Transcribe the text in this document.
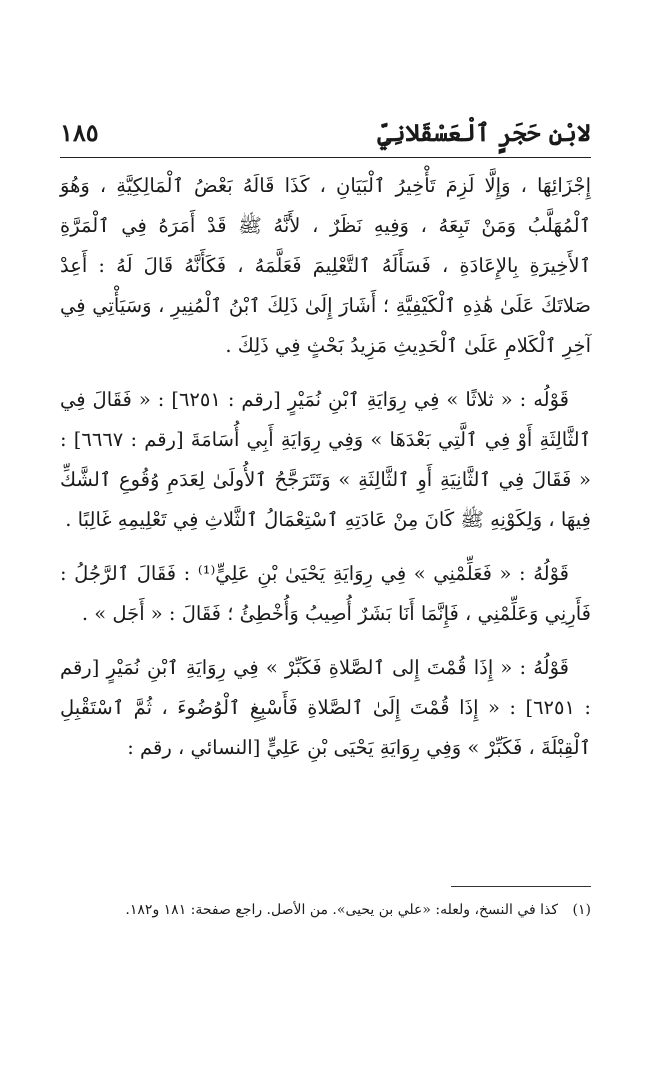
لابْنِ حَجَرٍ ٱلْعَسْقَلانِيِّ
١٨٥

إِجْزَائِهَا ، وَإِلَّا لَزِمَ تَأْخِيرُ ٱلْبَيَانِ ، كَذَا قَالَهُ بَعْضُ ٱلْمَالِكِيَّةِ ، وَهُوَ ٱلْمُهَلَّبُ وَمَنْ تَبِعَهُ ، وَفِيهِ نَظَرٌ ، لأَنَّهُ ﷺ قَدْ أَمَرَهُ فِي ٱلْمَرَّةِ ٱلأَخِيرَةِ بِالإِعَادَةِ ، فَسَأَلَهُ ٱلتَّعْلِيمَ فَعَلَّمَهُ ، فَكَأَنَّهُ قَالَ لَهُ : أَعِدْ صَلاتَكَ عَلَىٰ هَٰذِهِ ٱلْكَيْفِيَّةِ ؛ أَشَارَ إِلَىٰ ذَلِكَ ٱبْنُ ٱلْمُنِيرِ ، وَسَيَأْتِي فِي آخِرِ ٱلْكَلامِ عَلَىٰ ٱلْحَدِيثِ مَزِيدُ بَحْثٍ فِي ذَلِكَ .

قَوْلُه : « ثلاثًا » فِي رِوَايَةِ ٱبْنِ نُمَيْرٍ [رقم : ٦٢٥١] : « فَقَالَ فِي ٱلثَّالِثَةِ أَوْ فِي ٱلَّتِي بَعْدَهَا » وَفِي رِوَايَةِ أَبِي أُسَامَةَ [رقم : ٦٦٦٧] : « فَقَالَ فِي ٱلثَّانِيَةِ أَوِ ٱلثَّالِثَةِ » وَتَتَرَجَّحُ ٱلأُولَىٰ لِعَدَمِ وُقُوعِ ٱلشَّكِّ فِيهَا ، وَلِكَوْنِهِ ﷺ كَانَ مِنْ عَادَتِهِ ٱسْتِعْمَالُ ٱلثَّلاثِ فِي تَعْلِيمِهِ غَالِبًا .

قَوْلُهُ : « فَعَلِّمْنِي » فِي رِوَايَةِ يَحْيَىٰ بْنِ عَلِيٍّ⁽¹⁾ : فَقَالَ ٱلرَّجُلُ : فَأَرِنِي وَعَلِّمْنِي ، فَإِنَّمَا أَنَا بَشَرٌ أُصِيبُ وَأُخْطِئُ ؛ فَقَالَ : « أَجَل » .

قَوْلُهُ : « إِذَا قُمْتَ إِلى ٱلصَّلاةِ فَكَبِّرْ » فِي رِوَايَةِ ٱبْنِ نُمَيْرٍ [رقم : ٦٢٥١] : « إِذَا قُمْتَ إِلَىٰ ٱلصَّلاةِ فَأَسْبِغِ ٱلْوُضُوءَ ، ثُمَّ ٱسْتَقْبِلِ ٱلْقِبْلَةَ ، فَكَبِّرْ » وَفِي رِوَايَةِ يَحْيَى بْنِ عَلِيٍّ [النسائي ، رقم :

(١) كذا في النسخ، ولعله: «علي بن يحيى». من الأصل. راجع صفحة: ١٨١ و١٨٢.
